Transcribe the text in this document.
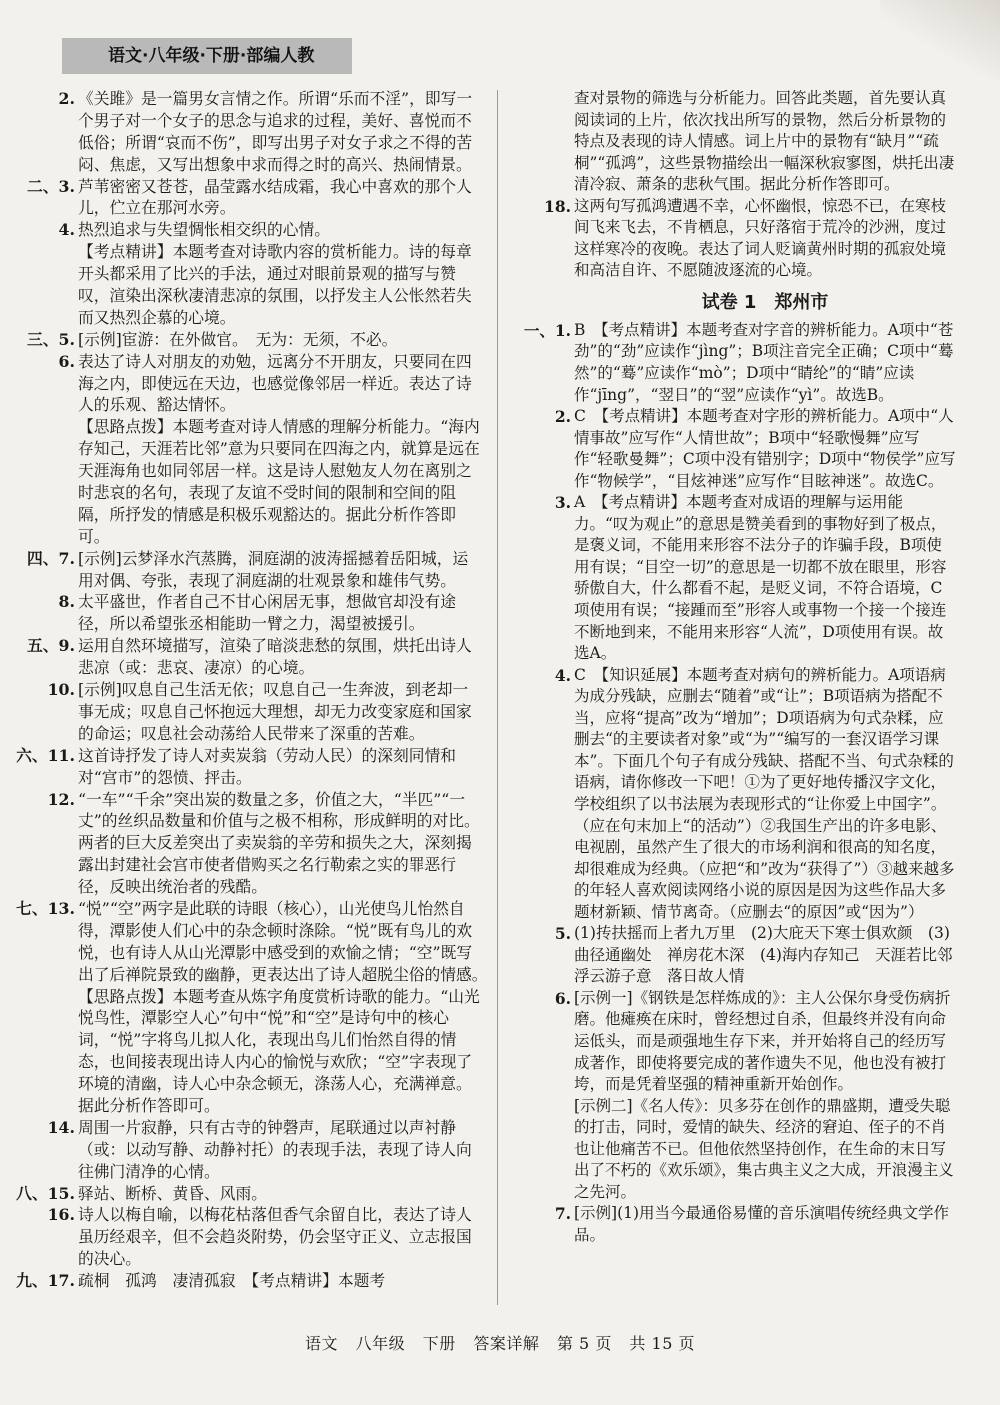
语文·八年级·下册·部编人教

2. 《关雎》是一篇男女言情之作。所谓“乐而不淫”，即写一个男子对一个女子的思念与追求的过程，美好、喜悦而不低俗；所谓“哀而不伤”，即写出男子对女子求之不得的苦闷、焦虑，又写出想象中求而得之时的高兴、热闹情景。

二、3. 芦苇密密又苍苍，晶莹露水结成霜，我心中喜欢的那个人儿，伫立在那河水旁。

4. 热烈追求与失望惆怅相交织的心情。

【考点精讲】本题考查对诗歌内容的赏析能力。诗的每章开头都采用了比兴的手法，通过对眼前景观的描写与赞叹，渲染出深秋凄清悲凉的氛围，以抒发主人公怅然若失而又热烈企慕的心境。

三、5. [示例]宦游：在外做官。　无为：无须，不必。

6. 表达了诗人对朋友的劝勉，远离分不开朋友，只要同在四海之内，即使远在天边，也感觉像邻居一样近。表达了诗人的乐观、豁达情怀。

【思路点拨】本题考查对诗人情感的理解分析能力。“海内存知己，天涯若比邻”意为只要同在四海之内，就算是远在天涯海角也如同邻居一样。这是诗人慰勉友人勿在离别之时悲哀的名句，表现了友谊不受时间的限制和空间的阻隔，所抒发的情感是积极乐观豁达的。据此分析作答即可。

四、7. [示例]云梦泽水汽蒸腾，洞庭湖的波涛摇撼着岳阳城，运用对偶、夸张，表现了洞庭湖的壮观景象和雄伟气势。

8. 太平盛世，作者自己不甘心闲居无事，想做官却没有途径，所以希望张丞相能助一臂之力，渴望被援引。

五、9. 运用自然环境描写，渲染了暗淡悲愁的氛围，烘托出诗人悲凉（或：悲哀、凄凉）的心境。

10. [示例]叹息自己生活无依；叹息自己一生奔波，到老却一事无成；叹息自己怀抱远大理想，却无力改变家庭和国家的命运；叹息社会动荡给人民带来了深重的苦难。

六、11. 这首诗抒发了诗人对卖炭翁（劳动人民）的深刻同情和对“宫市”的怨愤、抨击。

12. “一车”“千余”突出炭的数量之多，价值之大，“半匹”“一丈”的丝织品数量和价值与之极不相称，形成鲜明的对比。两者的巨大反差突出了卖炭翁的辛劳和损失之大，深刻揭露出封建社会宫市使者借购买之名行勒索之实的罪恶行径，反映出统治者的残酷。

七、13. “悦”“空”两字是此联的诗眼（核心），山光使鸟儿怡然自得，潭影使人们心中的杂念顿时涤除。“悦”既有鸟儿的欢悦，也有诗人从山光潭影中感受到的欢愉之情；“空”既写出了后禅院景致的幽静，更表达出了诗人超脱尘俗的情感。　【思路点拨】本题考查从炼字角度赏析诗歌的能力。“山光悦鸟性，潭影空人心”句中“悦”和“空”是诗句中的核心词，“悦”字将鸟儿拟人化，表现出鸟儿们怡然自得的情态，也间接表现出诗人内心的愉悦与欢欣；“空”字表现了环境的清幽，诗人心中杂念顿无，涤荡人心，充满禅意。据此分析作答即可。

14. 周围一片寂静，只有古寺的钟磬声，尾联通过以声衬静（或：以动写静、动静衬托）的表现手法，表现了诗人向往佛门清净的心情。

八、15. 驿站、断桥、黄昏、风雨。

16. 诗人以梅自喻，以梅花枯落但香气余留自比，表达了诗人虽历经艰辛，但不会趋炎附势，仍会坚守正义、立志报国的决心。

九、17. 疏桐　孤鸿　凄清孤寂　【考点精讲】本题考

查对景物的筛选与分析能力。回答此类题，首先要认真阅读词的上片，依次找出所写的景物，然后分析景物的特点及表现的诗人情感。词上片中的景物有“缺月”“疏桐”“孤鸿”，这些景物描绘出一幅深秋寂寥图，烘托出凄清冷寂、萧条的悲秋气围。据此分析作答即可。

18. 这两句写孤鸿遭遇不幸，心怀幽恨，惊恐不已，在寒枝间飞来飞去，不肯栖息，只好落宿于荒冷的沙洲，度过这样寒冷的夜晚。表达了词人贬谪黄州时期的孤寂处境和高洁自许、不愿随波逐流的心境。

试卷 1　郑州市

一、1. B　【考点精讲】本题考查对字音的辨析能力。A项中“苍劲”的“劲”应读作“jìng”；B项注音完全正确；C项中“蓦然”的“蓦”应读作“mò”；D项中“睛纶”的“睛”应读作“jīng”，“翌日”的“翌”应读作“yì”。故选B。

2. C　【考点精讲】本题考查对字形的辨析能力。A项中“人情事故”应写作“人情世故”；B项中“轻歌慢舞”应写作“轻歌曼舞”；C项中没有错别字；D项中“物侯学”应写作“物候学”，“目炫神迷”应写作“目眩神迷”。故选C。

3. A　【考点精讲】本题考查对成语的理解与运用能力。“叹为观止”的意思是赞美看到的事物好到了极点，是褒义词，不能用来形容不法分子的诈骗手段，B项使用有误；“目空一切”的意思是一切都不放在眼里，形容骄傲自大，什么都看不起，是贬义词，不符合语境，C项使用有误；“接踵而至”形容人或事物一个接一个接连不断地到来，不能用来形容“人流”，D项使用有误。故选A。

4. C　【知识延展】本题考查对病句的辨析能力。A项语病为成分残缺，应删去“随着”或“让”；B项语病为搭配不当，应将“提高”改为“增加”；D项语病为句式杂糅，应删去“的主要读者对象”或“为”“编写的一套汉语学习课本”。下面几个句子有成分残缺、搭配不当、句式杂糅的语病，请你修改一下吧！①为了更好地传播汉字文化，学校组织了以书法展为表现形式的“让你爱上中国字”。（应在句末加上“的活动”）②我国生产出的许多电影、电视剧，虽然产生了很大的市场利润和很高的知名度，却很难成为经典。（应把“和”改为“获得了”）③越来越多的年轻人喜欢阅读网络小说的原因是因为这些作品大多题材新颖、情节离奇。（应删去“的原因”或“因为”）

5. (1)抟扶摇而上者九万里　(2)大庇天下寒士俱欢颜　(3)曲径通幽处　禅房花木深　(4)海内存知己　天涯若比邻　浮云游子意　落日故人情

6. [示例一]《钢铁是怎样炼成的》：主人公保尔身受伤病折磨。他瘫痪在床时，曾经想过自杀，但最终并没有向命运低头，而是顽强地生存下来，并开始将自己的经历写成著作，即使将要完成的著作遗失不见，他也没有被打垮，而是凭着坚强的精神重新开始创作。

[示例二]《名人传》：贝多芬在创作的鼎盛期，遭受失聪的打击，同时，爱情的缺失、经济的窘迫、侄子的不肖也让他痛苦不已。但他依然坚持创作，在生命的末日写出了不朽的《欢乐颂》，集古典主义之大成，开浪漫主义之先河。

7. [示例](1)用当今最通俗易懂的音乐演唱传统经典文学作品。

语文 八年级 下册 答案详解 第 5 页 共 15 页
